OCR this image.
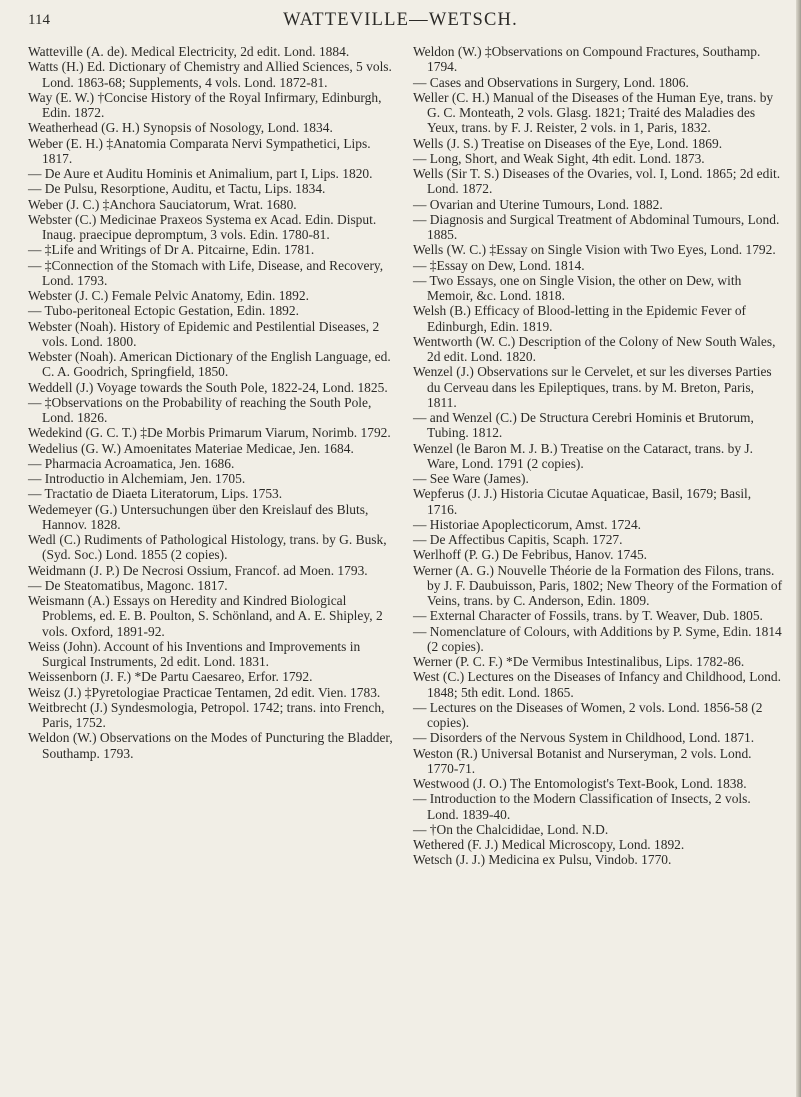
114	WATTEVILLE—WETSCH.

Watteville (A. de). Medical Electricity, 2d edit. Lond. 1884.

Watts (H.) Ed. Dictionary of Chemistry and Allied Sciences, 5 vols. Lond. 1863-68; Supplements, 4 vols. Lond. 1872-81.

Way (E. W.) †Concise History of the Royal Infirmary, Edinburgh, Edin. 1872.

Weatherhead (G. H.) Synopsis of Nosology, Lond. 1834.

Weber (E. H.) ‡Anatomia Comparata Nervi Sympathetici, Lips. 1817.

— De Aure et Auditu Hominis et Animalium, part I, Lips. 1820.

— De Pulsu, Resorptione, Auditu, et Tactu, Lips. 1834.

Weber (J. C.) ‡Anchora Sauciatorum, Wrat. 1680.

Webster (C.) Medicinae Praxeos Systema ex Acad. Edin. Disput. Inaug. praecipue depromptum, 3 vols. Edin. 1780-81.

— ‡Life and Writings of Dr A. Pitcairne, Edin. 1781.

— ‡Connection of the Stomach with Life, Disease, and Recovery, Lond. 1793.

Webster (J. C.) Female Pelvic Anatomy, Edin. 1892.

— Tubo-peritoneal Ectopic Gestation, Edin. 1892.

Webster (Noah). History of Epidemic and Pestilential Diseases, 2 vols. Lond. 1800.

Webster (Noah). American Dictionary of the English Language, ed. C. A. Goodrich, Springfield, 1850.

Weddell (J.) Voyage towards the South Pole, 1822-24, Lond. 1825.

— ‡Observations on the Probability of reaching the South Pole, Lond. 1826.

Wedekind (G. C. T.) ‡De Morbis Primarum Viarum, Norimb. 1792.

Wedelius (G. W.) Amoenitates Materiae Medicae, Jen. 1684.

— Pharmacia Acroamatica, Jen. 1686.

— Introductio in Alchemiam, Jen. 1705.

— Tractatio de Diaeta Literatorum, Lips. 1753.

Wedemeyer (G.) Untersuchungen über den Kreislauf des Bluts, Hannov. 1828.

Wedl (C.) Rudiments of Pathological Histology, trans. by G. Busk, (Syd. Soc.) Lond. 1855 (2 copies).

Weidmann (J. P.) De Necrosi Ossium, Francof. ad Moen. 1793.

— De Steatomatibus, Magonc. 1817.

Weismann (A.) Essays on Heredity and Kindred Biological Problems, ed. E. B. Poulton, S. Schönland, and A. E. Shipley, 2 vols. Oxford, 1891-92.

Weiss (John). Account of his Inventions and Improvements in Surgical Instruments, 2d edit. Lond. 1831.

Weissenborn (J. F.) *De Partu Caesareo, Erfor. 1792.

Weisz (J.) ‡Pyretologiae Practicae Tentamen, 2d edit. Vien. 1783.

Weitbrecht (J.) Syndesmologia, Petropol. 1742; trans. into French, Paris, 1752.

Weldon (W.) Observations on the Modes of Puncturing the Bladder, Southamp. 1793.

Weldon (W.) ‡Observations on Compound Fractures, Southamp. 1794.

— Cases and Observations in Surgery, Lond. 1806.

Weller (C. H.) Manual of the Diseases of the Human Eye, trans. by G. C. Monteath, 2 vols. Glasg. 1821; Traité des Maladies des Yeux, trans. by F. J. Reister, 2 vols. in 1, Paris, 1832.

Wells (J. S.) Treatise on Diseases of the Eye, Lond. 1869.

— Long, Short, and Weak Sight, 4th edit. Lond. 1873.

Wells (Sir T. S.) Diseases of the Ovaries, vol. I, Lond. 1865; 2d edit. Lond. 1872.

— Ovarian and Uterine Tumours, Lond. 1882.

— Diagnosis and Surgical Treatment of Abdominal Tumours, Lond. 1885.

Wells (W. C.) ‡Essay on Single Vision with Two Eyes, Lond. 1792.

— ‡Essay on Dew, Lond. 1814.

— Two Essays, one on Single Vision, the other on Dew, with Memoir, &c. Lond. 1818.

Welsh (B.) Efficacy of Blood-letting in the Epidemic Fever of Edinburgh, Edin. 1819.

Wentworth (W. C.) Description of the Colony of New South Wales, 2d edit. Lond. 1820.

Wenzel (J.) Observations sur le Cervelet, et sur les diverses Parties du Cerveau dans les Epileptiques, trans. by M. Breton, Paris, 1811.

— and Wenzel (C.) De Structura Cerebri Hominis et Brutorum, Tubing. 1812.

Wenzel (le Baron M. J. B.) Treatise on the Cataract, trans. by J. Ware, Lond. 1791 (2 copies).

— See Ware (James).

Wepferus (J. J.) Historia Cicutae Aquaticae, Basil, 1679; Basil, 1716.

— Historiae Apoplecticorum, Amst. 1724.

— De Affectibus Capitis, Scaph. 1727.

Werlhoff (P. G.) De Febribus, Hanov. 1745.

Werner (A. G.) Nouvelle Théorie de la Formation des Filons, trans. by J. F. Daubuisson, Paris, 1802; New Theory of the Formation of Veins, trans. by C. Anderson, Edin. 1809.

— External Character of Fossils, trans. by T. Weaver, Dub. 1805.

— Nomenclature of Colours, with Additions by P. Syme, Edin. 1814 (2 copies).

Werner (P. C. F.) *De Vermibus Intestinalibus, Lips. 1782-86.

West (C.) Lectures on the Diseases of Infancy and Childhood, Lond. 1848; 5th edit. Lond. 1865.

— Lectures on the Diseases of Women, 2 vols. Lond. 1856-58 (2 copies).

— Disorders of the Nervous System in Childhood, Lond. 1871.

Weston (R.) Universal Botanist and Nurseryman, 2 vols. Lond. 1770-71.

Westwood (J. O.) The Entomologist's Text-Book, Lond. 1838.

— Introduction to the Modern Classification of Insects, 2 vols. Lond. 1839-40.

— †On the Chalcididae, Lond. N.D.

Wethered (F. J.) Medical Microscopy, Lond. 1892.

Wetsch (J. J.) Medicina ex Pulsu, Vindob. 1770.
